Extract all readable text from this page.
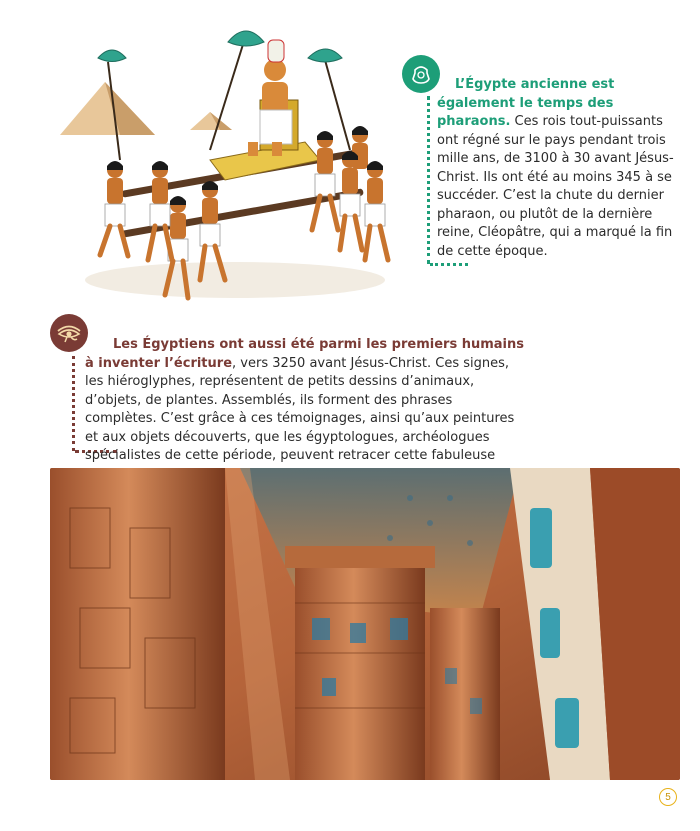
L’Égypte ancienne est également le temps des pharaons. Ces rois tout-puissants ont régné sur le pays pendant trois mille ans, de 3100 à 30 avant Jésus-Christ. Ils ont été au moins 345 à se succéder. C’est la chute du dernier pharaon, ou plutôt de la dernière reine, Cléopâtre, qui a marqué la fin de cette époque.
Les Égyptiens ont aussi été parmi les premiers humains à inventer l’écriture, vers 3250 avant Jésus-Christ. Ces signes, les hiéroglyphes, représentent de petits dessins d’animaux, d’objets, de plantes. Assemblés, ils forment des phrases complètes. C’est grâce à ces témoignages, ainsi qu’aux peintures et aux objets découverts, que les égyptologues, archéologues spécialistes de cette période, peuvent retracer cette fabuleuse
5
